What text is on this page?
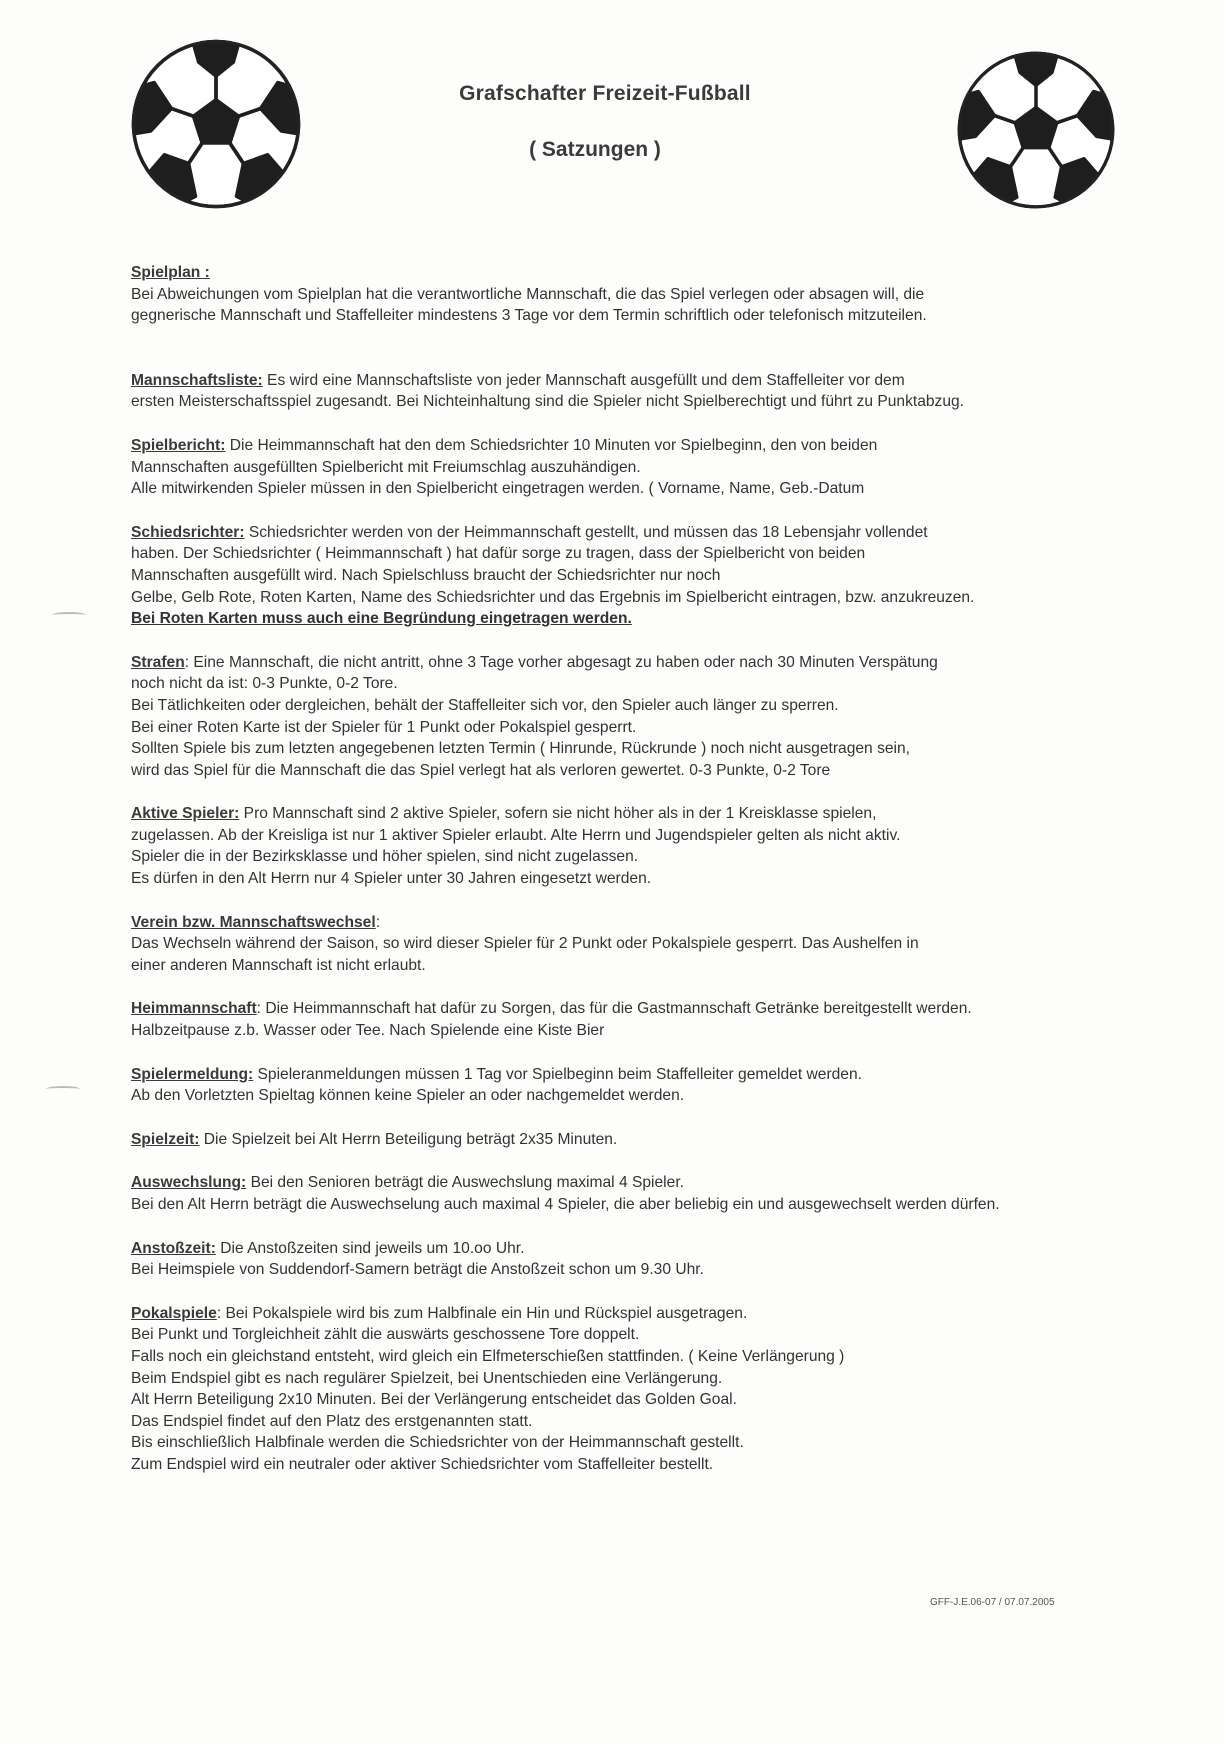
Grafschafter Freizeit-Fußball
( Satzungen )
Spielplan :
Bei Abweichungen vom Spielplan hat die verantwortliche Mannschaft, die das Spiel verlegen oder absagen will, die
gegnerische Mannschaft und Staffelleiter mindestens 3 Tage vor dem Termin schriftlich oder telefonisch mitzuteilen.
Mannschaftsliste: Es wird eine Mannschaftsliste von jeder Mannschaft ausgefüllt und dem Staffelleiter vor dem
ersten Meisterschaftsspiel zugesandt. Bei Nichteinhaltung sind die Spieler nicht Spielberechtigt und führt zu Punktabzug.
Spielbericht: Die Heimmannschaft hat den dem Schiedsrichter 10 Minuten vor Spielbeginn, den von beiden
Mannschaften ausgefüllten Spielbericht mit Freiumschlag auszuhändigen.
Alle mitwirkenden Spieler müssen in den Spielbericht eingetragen werden. ( Vorname, Name, Geb.-Datum
Schiedsrichter: Schiedsrichter werden von der Heimmannschaft gestellt, und müssen das 18 Lebensjahr vollendet
haben. Der Schiedsrichter ( Heimmannschaft ) hat dafür sorge zu tragen, dass der Spielbericht von beiden
Mannschaften ausgefüllt wird. Nach Spielschluss braucht der Schiedsrichter nur noch
Gelbe, Gelb Rote, Roten Karten, Name des Schiedsrichter und das Ergebnis im Spielbericht eintragen, bzw. anzukreuzen.
Bei Roten Karten muss auch eine Begründung eingetragen werden.
Strafen: Eine Mannschaft, die nicht antritt, ohne 3 Tage vorher abgesagt zu haben oder nach 30 Minuten Verspätung
noch nicht da ist: 0-3 Punkte, 0-2 Tore.
Bei Tätlichkeiten oder dergleichen, behält der Staffelleiter sich vor, den Spieler auch länger zu sperren.
Bei einer Roten Karte ist der Spieler für 1 Punkt oder Pokalspiel gesperrt.
Sollten Spiele bis zum letzten angegebenen letzten Termin ( Hinrunde, Rückrunde ) noch nicht ausgetragen sein,
wird das Spiel für die Mannschaft die das Spiel verlegt hat als verloren gewertet. 0-3 Punkte, 0-2 Tore
Aktive Spieler: Pro Mannschaft sind 2 aktive Spieler, sofern sie nicht höher als in der 1 Kreisklasse spielen,
zugelassen. Ab der Kreisliga ist nur 1 aktiver Spieler erlaubt. Alte Herrn und Jugendspieler gelten als nicht aktiv.
Spieler die in der Bezirksklasse und höher spielen, sind nicht zugelassen.
Es dürfen in den Alt Herrn nur 4 Spieler unter 30 Jahren eingesetzt werden.
Verein bzw. Mannschaftswechsel:
Das Wechseln während der Saison, so wird dieser Spieler für 2 Punkt oder Pokalspiele gesperrt. Das Aushelfen in
einer anderen Mannschaft ist nicht erlaubt.
Heimmannschaft: Die Heimmannschaft hat dafür zu Sorgen, das für die Gastmannschaft Getränke bereitgestellt werden.
Halbzeitpause z.b. Wasser oder Tee. Nach Spielende eine Kiste Bier
Spielermeldung: Spieleranmeldungen müssen 1 Tag vor Spielbeginn beim Staffelleiter gemeldet werden.
Ab den Vorletzten Spieltag können keine Spieler an oder nachgemeldet werden.
Spielzeit: Die Spielzeit bei Alt Herrn Beteiligung beträgt 2x35 Minuten.
Auswechslung: Bei den Senioren beträgt die Auswechslung maximal 4 Spieler.
Bei den Alt Herrn beträgt die Auswechselung auch maximal 4 Spieler, die aber beliebig ein und ausgewechselt werden dürfen.
Anstoßzeit: Die Anstoßzeiten sind jeweils um 10.oo Uhr.
Bei Heimspiele von Suddendorf-Samern beträgt die Anstoßzeit schon um 9.30 Uhr.
Pokalspiele: Bei Pokalspiele wird bis zum Halbfinale ein Hin und Rückspiel ausgetragen.
Bei Punkt und Torgleichheit zählt die auswärts geschossene Tore doppelt.
Falls noch ein gleichstand entsteht, wird gleich ein Elfmeterschießen stattfinden. ( Keine Verlängerung )
Beim Endspiel gibt es nach regulärer Spielzeit, bei Unentschieden eine Verlängerung.
Alt Herrn Beteiligung 2x10 Minuten. Bei der Verlängerung entscheidet das Golden Goal.
Das Endspiel findet auf den Platz des erstgenannten statt.
Bis einschließlich Halbfinale werden die Schiedsrichter von der Heimmannschaft gestellt.
Zum Endspiel wird ein neutraler oder aktiver Schiedsrichter vom Staffelleiter bestellt.
GFF-J.E.06-07 / 07.07.2005
